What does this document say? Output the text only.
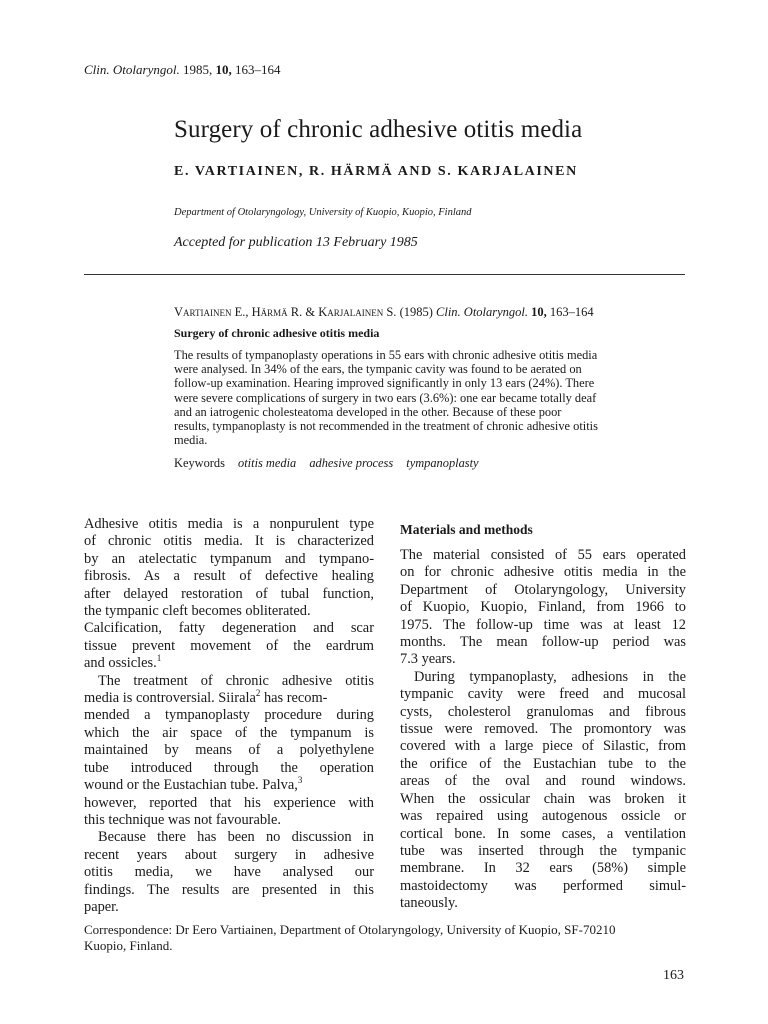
Clin. Otolaryngol. 1985, 10, 163–164
Surgery of chronic adhesive otitis media
E. VARTIAINEN, R. HÄRMÄ AND S. KARJALAINEN
Department of Otolaryngology, University of Kuopio, Kuopio, Finland
Accepted for publication 13 February 1985
Vartiainen E., Härmä R. & Karjalainen S. (1985) Clin. Otolaryngol. 10, 163–164
Surgery of chronic adhesive otitis media
The results of tympanoplasty operations in 55 ears with chronic adhesive otitis media
were analysed. In 34% of the ears, the tympanic cavity was found to be aerated on
follow-up examination. Hearing improved significantly in only 13 ears (24%). There
were severe complications of surgery in two ears (3.6%): one ear became totally deaf
and an iatrogenic cholesteatoma developed in the other. Because of these poor
results, tympanoplasty is not recommended in the treatment of chronic adhesive otitis
media.
Keywords otitis media adhesive process tympanoplasty
Adhesive otitis media is a nonpurulent type
of chronic otitis media. It is characterized
by an atelectatic tympanum and tympano-
fibrosis. As a result of defective healing
after delayed restoration of tubal function,
the tympanic cleft becomes obliterated.
Calcification, fatty degeneration and scar
tissue prevent movement of the eardrum
and ossicles.$^1$
The treatment of chronic adhesive otitis
media is controversial. Siirala$^2$ has recom-
mended a tympanoplasty procedure during
which the air space of the tympanum is
maintained by means of a polyethylene
tube introduced through the operation
wound or the Eustachian tube. Palva,$^3$
however, reported that his experience with
this technique was not favourable.
Because there has been no discussion in
recent years about surgery in adhesive
otitis media, we have analysed our
findings. The results are presented in this
paper.
Materials and methods
The material consisted of 55 ears operated
on for chronic adhesive otitis media in the
Department of Otolaryngology, University
of Kuopio, Kuopio, Finland, from 1966 to
1975. The follow-up time was at least 12
months. The mean follow-up period was
7.3 years.
During tympanoplasty, adhesions in the
tympanic cavity were freed and mucosal
cysts, cholesterol granulomas and fibrous
tissue were removed. The promontory was
covered with a large piece of Silastic, from
the orifice of the Eustachian tube to the
areas of the oval and round windows.
When the ossicular chain was broken it
was repaired using autogenous ossicle or
cortical bone. In some cases, a ventilation
tube was inserted through the tympanic
membrane. In 32 ears (58%) simple
mastoidectomy was performed simul-
taneously.
Correspondence: Dr Eero Vartiainen, Department of Otolaryngology, University of Kuopio, SF-70210
Kuopio, Finland.
163
